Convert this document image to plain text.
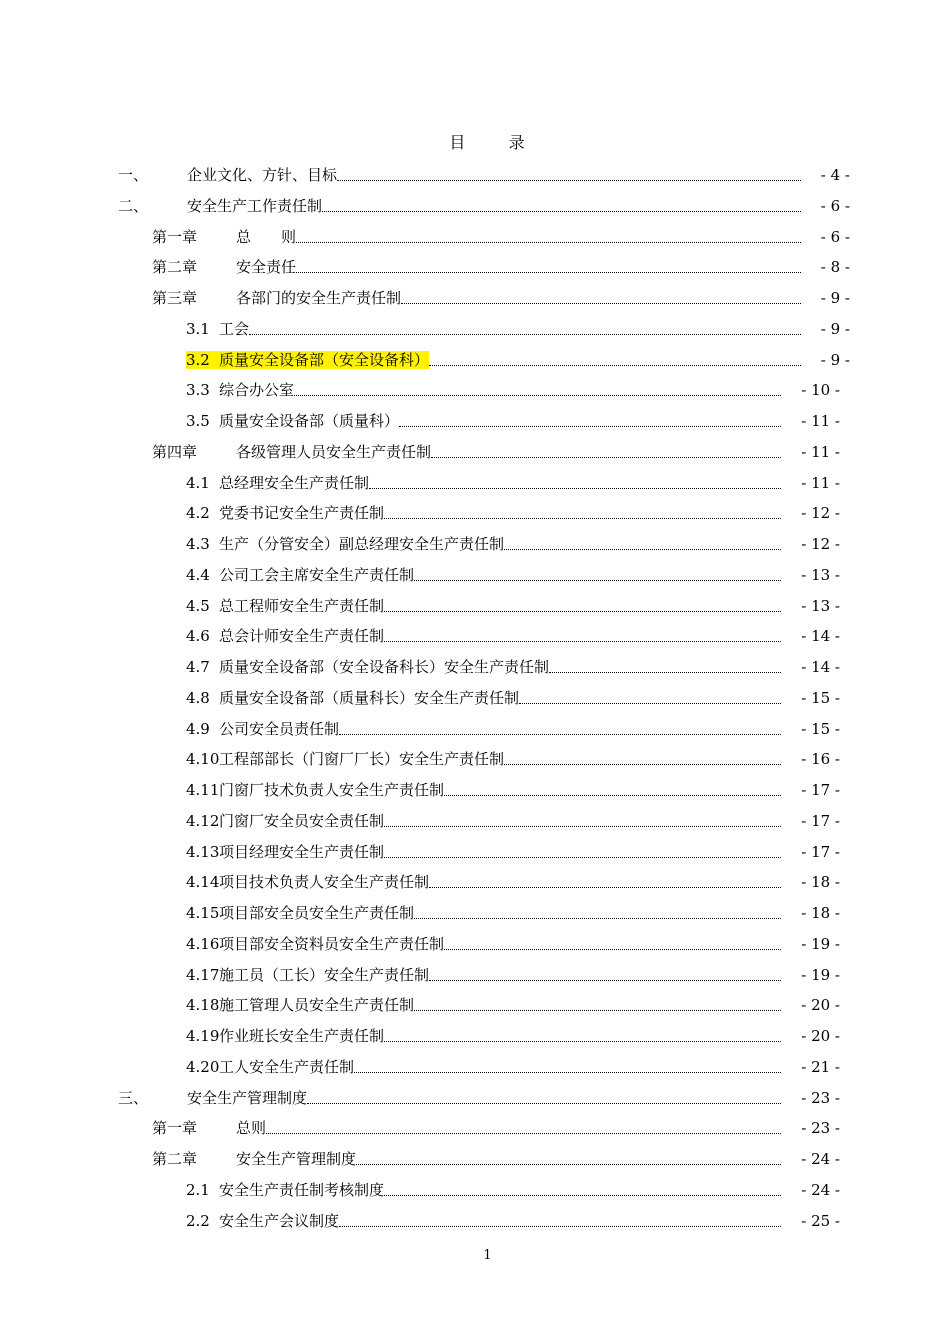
目	录
一、	企业文化、方针、目标	- 4 -
二、	安全生产工作责任制	- 6 -
第一章	总　　则	- 6 -
第二章	安全责任	- 8 -
第三章	各部门的安全生产责任制	- 9 -
3.1 工会	- 9 -
3.2 质量安全设备部（安全设备科）	- 9 -
3.3 综合办公室	- 10 -
3.5 质量安全设备部（质量科）	- 11 -
第四章	各级管理人员安全生产责任制	- 11 -
4.1 总经理安全生产责任制	- 11 -
4.2 党委书记安全生产责任制	- 12 -
4.3 生产（分管安全）副总经理安全生产责任制	- 12 -
4.4 公司工会主席安全生产责任制	- 13 -
4.5 总工程师安全生产责任制	- 13 -
4.6 总会计师安全生产责任制	- 14 -
4.7 质量安全设备部（安全设备科长）安全生产责任制	- 14 -
4.8 质量安全设备部（质量科长）安全生产责任制	- 15 -
4.9 公司安全员责任制	- 15 -
4.10 工程部部长（门窗厂厂长）安全生产责任制	- 16 -
4.11 门窗厂技术负责人安全生产责任制	- 17 -
4.12 门窗厂安全员安全责任制	- 17 -
4.13 项目经理安全生产责任制	- 17 -
4.14 项目技术负责人安全生产责任制	- 18 -
4.15 项目部安全员安全生产责任制	- 18 -
4.16 项目部安全资料员安全生产责任制	- 19 -
4.17 施工员（工长）安全生产责任制	- 19 -
4.18 施工管理人员安全生产责任制	- 20 -
4.19 作业班长安全生产责任制	- 20 -
4.20 工人安全生产责任制	- 21 -
三、	安全生产管理制度	- 23 -
第一章	总则	- 23 -
第二章	安全生产管理制度	- 24 -
2.1 安全生产责任制考核制度	- 24 -
2.2 安全生产会议制度	- 25 -
1
